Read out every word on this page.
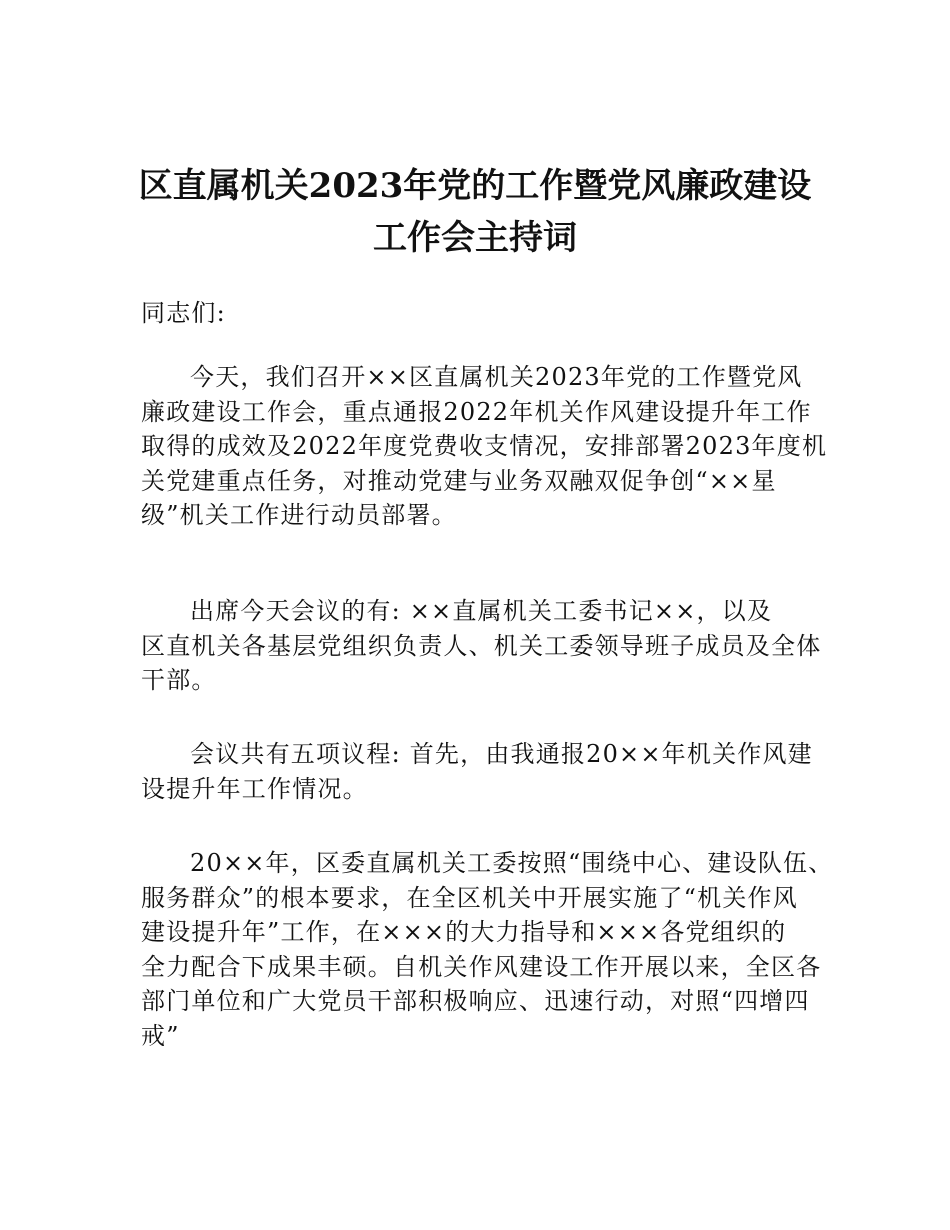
区直属机关2023年党的工作暨党风廉政建设
工作会主持词

同志们:

今天，我们召开××区直属机关2023年党的工作暨党风
廉政建设工作会，重点通报2022年机关作风建设提升年工作
取得的成效及2022年度党费收支情况，安排部署2023年度机
关党建重点任务，对推动党建与业务双融双促争创“××星
级”机关工作进行动员部署。
出席今天会议的有: ××直属机关工委书记××，以及
区直机关各基层党组织负责人、机关工委领导班子成员及全体
干部。
会议共有五项议程: 首先，由我通报20××年机关作风建
设提升年工作情况。
20××年，区委直属机关工委按照“围绕中心、建设队伍、
服务群众”的根本要求，在全区机关中开展实施了“机关作风
建设提升年”工作，在×××的大力指导和×××各党组织的
全力配合下成果丰硕。自机关作风建设工作开展以来，全区各
部门单位和广大党员干部积极响应、迅速行动，对照“四增四
戒”
